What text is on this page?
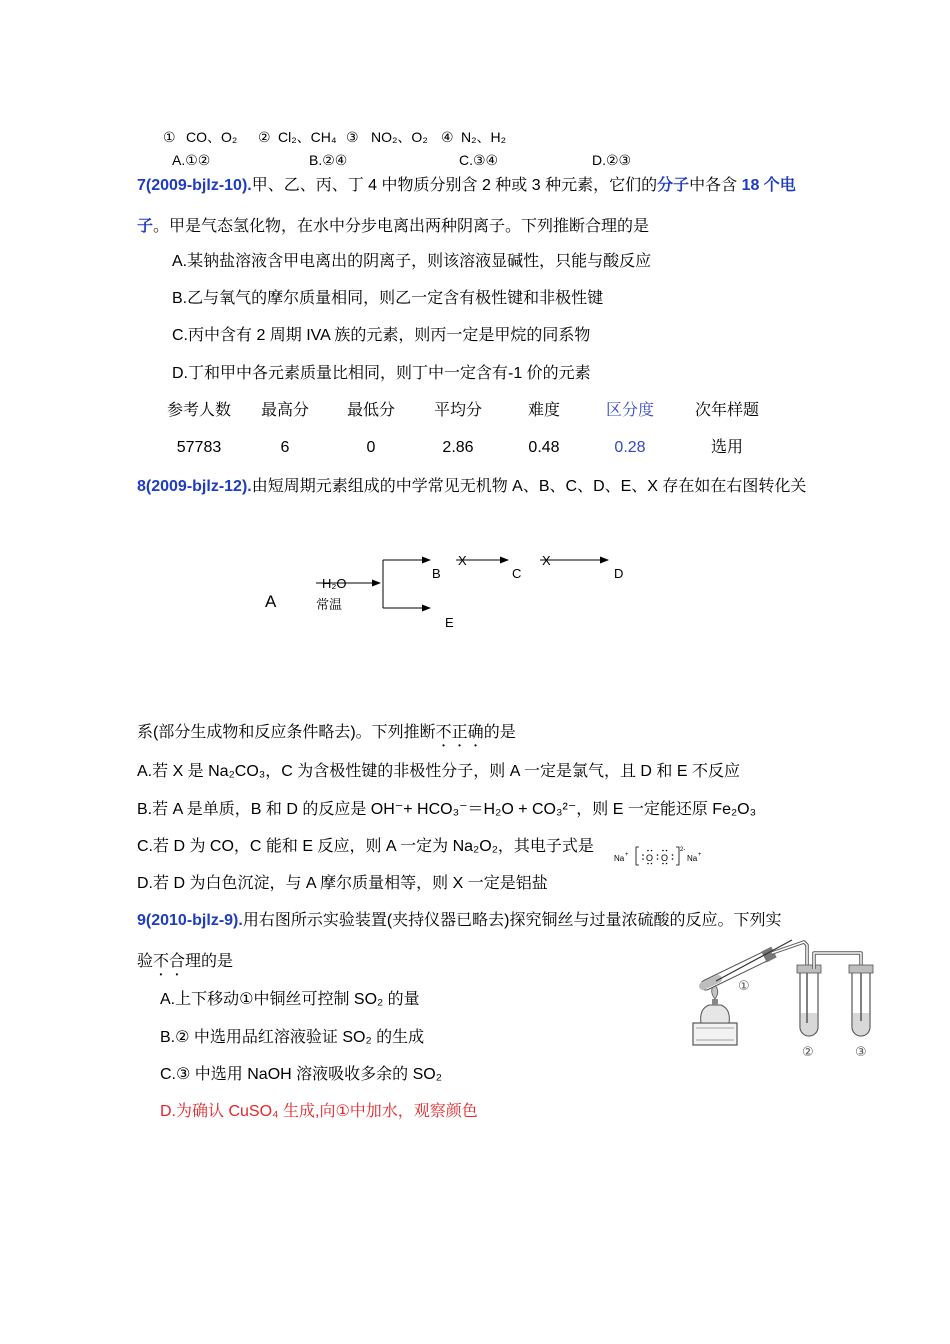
① CO、O₂ ② Cl₂、CH₄ ③ NO₂、O₂ ④ N₂、H₂
A.①②	B.②④	C.③④	D.②③
7(2009-bjlz-10).甲、乙、丙、丁 4 中物质分别含 2 种或 3 种元素，它们的分子中各含 18 个电
子。甲是气态氢化物，在水中分步电离出两种阴离子。下列推断合理的是
A.某钠盐溶液含甲电离出的阴离子，则该溶液显碱性，只能与酸反应
B.乙与氧气的摩尔质量相同，则乙一定含有极性键和非极性键
C.丙中含有 2 周期 IVA 族的元素，则丙一定是甲烷的同系物
D.丁和甲中各元素质量比相同，则丁中一定含有-1 价的元素
参考人数	最高分	最低分	平均分	难度	区分度	次年样题
57783	6	0	2.86	0.48	0.28	选用
8(2009-bjlz-12).由短周期元素组成的中学常见无机物 A、B、C、D、E、X 存在如在右图转化关
A
H₂O
常温
B
X
C
X
D
E
系(部分生成物和反应条件略去)。下列推断不正确的是
A.若 X 是 Na₂CO₃，C 为含极性键的非极性分子，则 A 一定是氯气，且 D 和 E 不反应
B.若 A 是单质，B 和 D 的反应是 OH⁻+ HCO₃⁻＝H₂O + CO₃²⁻，则 E 一定能还原 Fe₂O₃
C.若 D 为 CO，C 能和 E 反应，则 A 一定为 Na₂O₂，其电子式是
D.若 D 为白色沉淀，与 A 摩尔质量相等，则 X 一定是铝盐
Na + O O
2-
Na +
9(2010-bjlz-9).用右图所示实验装置(夹持仪器已略去)探究铜丝与过量浓硫酸的反应。下列实
验不合理的是
A.上下移动①中铜丝可控制 SO₂ 的量
B.② 中选用品红溶液验证 SO₂ 的生成
C.③ 中选用 NaOH 溶液吸收多余的 SO₂
D.为确认 CuSO₄ 生成,向①中加水，观察颜色
①
②	③
